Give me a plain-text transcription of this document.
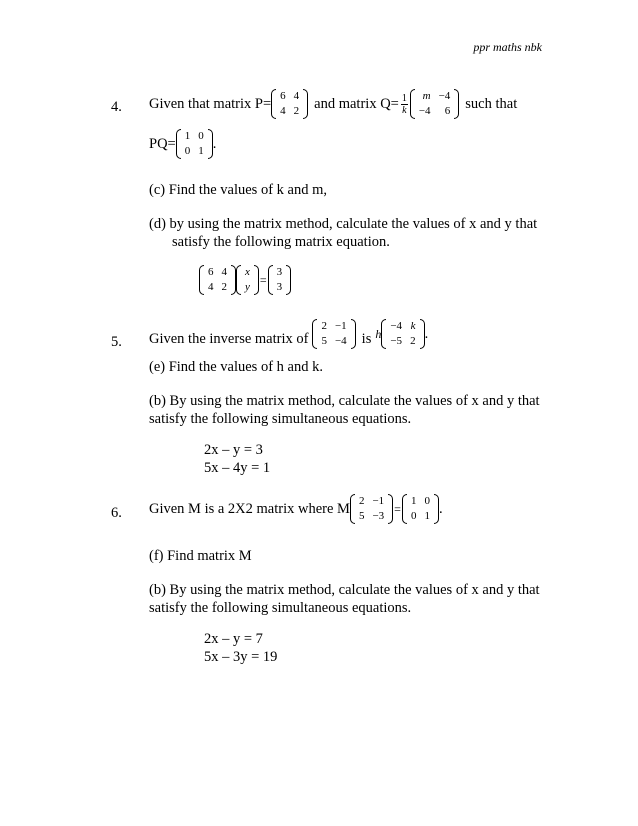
ppr maths nbk
4. Given that matrix P= 6	4
4	2 and matrix $Q= \frac{1}{k}$ m	−4
−4	6 such that
PQ= 1	0
0	1 .
(c) Find the values of k and m,
(d) by using the matrix method, calculate the values of x and y that
satisfy the following matrix equation.
6	4
4	2
x
y =
3
3
5. Given the inverse matrix of
2	−1
5	−4 is h
−4	k
−5	2 .
(e) Find the values of h and k.
(b) By using the matrix method, calculate the values of x and y that
satisfy the following simultaneous equations.
2x – y = 3
5x – 4y = 1
6. Given M is a 2X2 matrix where M 2	−1
5	−3 =
1	0
0	1 .
(f) Find matrix M
(b) By using the matrix method, calculate the values of x and y that
satisfy the following simultaneous equations.
2x – y = 7
5x – 3y = 19
